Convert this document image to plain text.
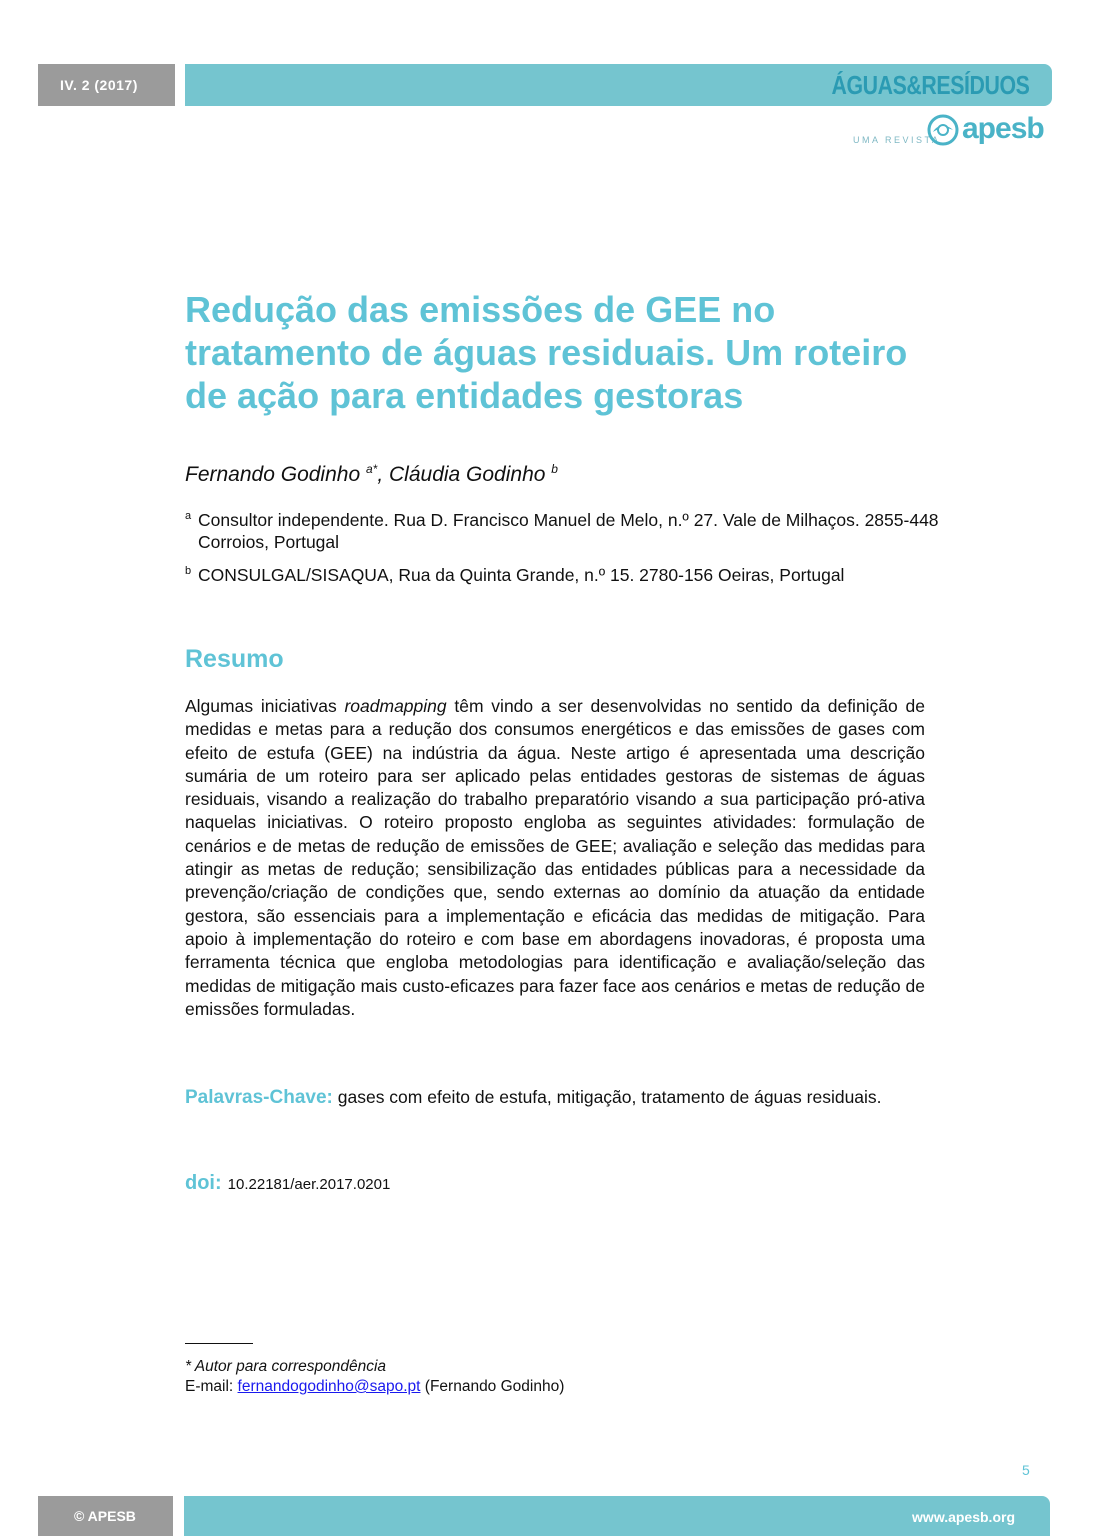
IV. 2 (2017)	ÁGUAS&RESÍDUOS
UMA REVISTA apesb
Redução das emissões de GEE no tratamento de águas residuais. Um roteiro de ação para entidades gestoras
Fernando Godinho $^{a*}$, Cláudia Godinho $^b$
a Consultor independente. Rua D. Francisco Manuel de Melo, n.º 27. Vale de Milhaços. 2855-448 Corroios, Portugal
b CONSULGAL/SISAQUA, Rua da Quinta Grande, n.º 15. 2780-156 Oeiras, Portugal
Resumo

Algumas iniciativas roadmapping têm vindo a ser desenvolvidas no sentido da definição de medidas e metas para a redução dos consumos energéticos e das emissões de gases com efeito de estufa (GEE) na indústria da água. Neste artigo é apresentada uma descrição sumária de um roteiro para ser aplicado pelas entidades gestoras de sistemas de águas residuais, visando a realização do trabalho preparatório visando a sua participação pró-ativa naquelas iniciativas. O roteiro proposto engloba as seguintes atividades: formulação de cenários e de metas de redução de emissões de GEE; avaliação e seleção das medidas para atingir as metas de redução; sensibilização das entidades públicas para a necessidade da prevenção/criação de condições que, sendo externas ao domínio da atuação da entidade gestora, são essenciais para a implementação e eficácia das medidas de mitigação. Para apoio à implementação do roteiro e com base em abordagens inovadoras, é proposta uma ferramenta técnica que engloba metodologias para identificação e avaliação/seleção das medidas de mitigação mais custo-eficazes para fazer face aos cenários e metas de redução de emissões formuladas.

Palavras-Chave: gases com efeito de estufa, mitigação, tratamento de águas residuais.

doi: 10.22181/aer.2017.0201
* Autor para correspondência
E-mail: fernandogodinho@sapo.pt (Fernando Godinho)
5
© APESB	www.apesb.org
